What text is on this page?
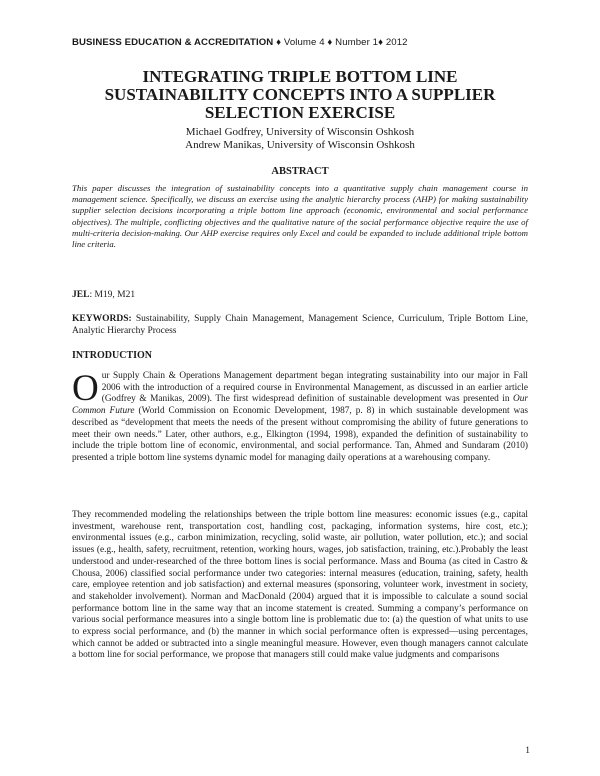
BUSINESS EDUCATION & ACCREDITATION ♦ Volume 4 ♦ Number 1♦ 2012
INTEGRATING TRIPLE BOTTOM LINE
SUSTAINABILITY CONCEPTS INTO A SUPPLIER
SELECTION EXERCISE
Michael Godfrey, University of Wisconsin Oshkosh
Andrew Manikas, University of Wisconsin Oshkosh
ABSTRACT
This paper discusses the integration of sustainability concepts into a quantitative supply chain management course in management science. Specifically, we discuss an exercise using the analytic hierarchy process (AHP) for making sustainability supplier selection decisions incorporating a triple bottom line approach (economic, environmental and social performance objectives). The multiple, conflicting objectives and the qualitative nature of the social performance objective require the use of multi-criteria decision-making. Our AHP exercise requires only Excel and could be expanded to include additional triple bottom line criteria.
JEL: M19, M21
KEYWORDS: Sustainability, Supply Chain Management, Management Science, Curriculum, Triple Bottom Line, Analytic Hierarchy Process
INTRODUCTION
Our Supply Chain & Operations Management department began integrating sustainability into our major in Fall 2006 with the introduction of a required course in Environmental Management, as discussed in an earlier article (Godfrey & Manikas, 2009). The first widespread definition of sustainable development was presented in Our Common Future (World Commission on Economic Development, 1987, p. 8) in which sustainable development was described as “development that meets the needs of the present without compromising the ability of future generations to meet their own needs.” Later, other authors, e.g., Elkington (1994, 1998), expanded the definition of sustainability to include the triple bottom line of economic, environmental, and social performance. Tan, Ahmed and Sundaram (2010) presented a triple bottom line systems dynamic model for managing daily operations at a warehousing company.
They recommended modeling the relationships between the triple bottom line measures: economic issues (e.g., capital investment, warehouse rent, transportation cost, handling cost, packaging, information systems, hire cost, etc.); environmental issues (e.g., carbon minimization, recycling, solid waste, air pollution, water pollution, etc.); and social issues (e.g., health, safety, recruitment, retention, working hours, wages, job satisfaction, training, etc.).Probably the least understood and under-researched of the three bottom lines is social performance. Mass and Bouma (as cited in Castro & Chousa, 2006) classified social performance under two categories: internal measures (education, training, safety, health care, employee retention and job satisfaction) and external measures (sponsoring, volunteer work, investment in society, and stakeholder involvement). Norman and MacDonald (2004) argued that it is impossible to calculate a sound social performance bottom line in the same way that an income statement is created. Summing a company’s performance on various social performance measures into a single bottom line is problematic due to: (a) the question of what units to use to express social performance, and (b) the manner in which social performance often is expressed—using percentages, which cannot be added or subtracted into a single meaningful measure. However, even though managers cannot calculate a bottom line for social performance, we propose that managers still could make value judgments and comparisons
1
